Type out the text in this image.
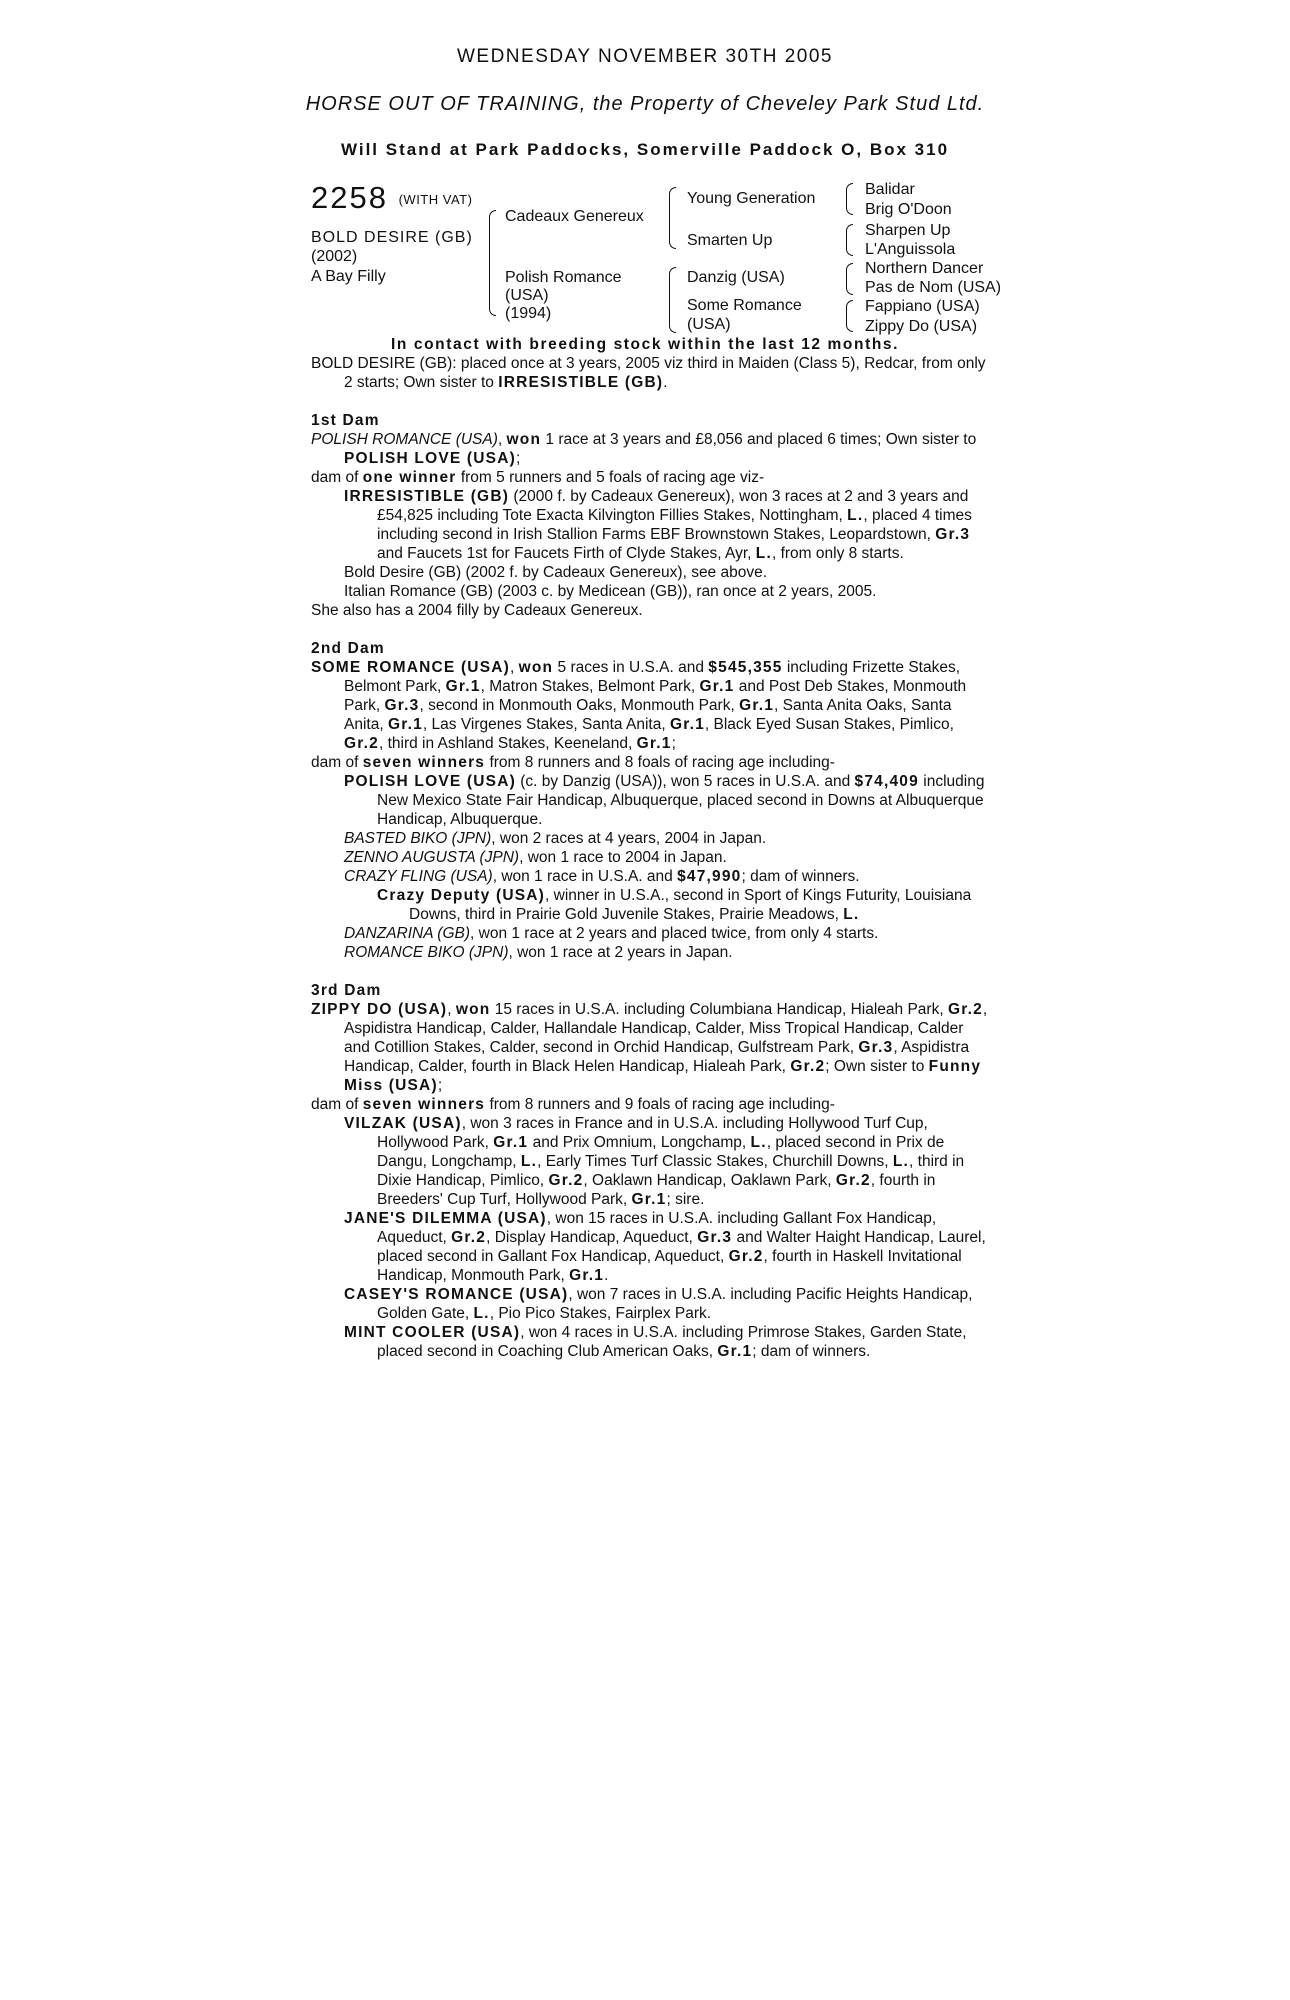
WEDNESDAY NOVEMBER 30TH 2005
HORSE OUT OF TRAINING, the Property of Cheveley Park Stud Ltd.
Will Stand at Park Paddocks, Somerville Paddock O, Box 310
2258 (WITH VAT)
BOLD DESIRE (GB)
(2002)
A Bay Filly
Cadeaux Genereux
Polish Romance
(USA)
(1994)
Young Generation
Smarten Up
Danzig (USA)
Some Romance
(USA)
Balidar
Brig O'Doon
Sharpen Up
L'Anguissola
Northern Dancer
Pas de Nom (USA)
Fappiano (USA)
Zippy Do (USA)
In contact with breeding stock within the last 12 months.

BOLD DESIRE (GB): placed once at 3 years, 2005 viz third in Maiden (Class 5), Redcar, from only 2 starts; Own sister to IRRESISTIBLE (GB).

1st Dam

POLISH ROMANCE (USA), won 1 race at 3 years and £8,056 and placed 6 times; Own sister to POLISH LOVE (USA);

dam of one winner from 5 runners and 5 foals of racing age viz-

IRRESISTIBLE (GB) (2000 f. by Cadeaux Genereux), won 3 races at 2 and 3 years and £54,825 including Tote Exacta Kilvington Fillies Stakes, Nottingham, L., placed 4 times including second in Irish Stallion Farms EBF Brownstown Stakes, Leopardstown, Gr.3 and Faucets 1st for Faucets Firth of Clyde Stakes, Ayr, L., from only 8 starts.

Bold Desire (GB) (2002 f. by Cadeaux Genereux), see above.

Italian Romance (GB) (2003 c. by Medicean (GB)), ran once at 2 years, 2005.

She also has a 2004 filly by Cadeaux Genereux.

2nd Dam

SOME ROMANCE (USA), won 5 races in U.S.A. and $545,355 including Frizette Stakes, Belmont Park, Gr.1, Matron Stakes, Belmont Park, Gr.1 and Post Deb Stakes, Monmouth Park, Gr.3, second in Monmouth Oaks, Monmouth Park, Gr.1, Santa Anita Oaks, Santa Anita, Gr.1, Las Virgenes Stakes, Santa Anita, Gr.1, Black Eyed Susan Stakes, Pimlico, Gr.2, third in Ashland Stakes, Keeneland, Gr.1;

dam of seven winners from 8 runners and 8 foals of racing age including-

POLISH LOVE (USA) (c. by Danzig (USA)), won 5 races in U.S.A. and $74,409 including New Mexico State Fair Handicap, Albuquerque, placed second in Downs at Albuquerque Handicap, Albuquerque.

BASTED BIKO (JPN), won 2 races at 4 years, 2004 in Japan.

ZENNO AUGUSTA (JPN), won 1 race to 2004 in Japan.

CRAZY FLING (USA), won 1 race in U.S.A. and $47,990; dam of winners.

Crazy Deputy (USA), winner in U.S.A., second in Sport of Kings Futurity, Louisiana Downs, third in Prairie Gold Juvenile Stakes, Prairie Meadows, L.

DANZARINA (GB), won 1 race at 2 years and placed twice, from only 4 starts.

ROMANCE BIKO (JPN), won 1 race at 2 years in Japan.

3rd Dam

ZIPPY DO (USA), won 15 races in U.S.A. including Columbiana Handicap, Hialeah Park, Gr.2, Aspidistra Handicap, Calder, Hallandale Handicap, Calder, Miss Tropical Handicap, Calder and Cotillion Stakes, Calder, second in Orchid Handicap, Gulfstream Park, Gr.3, Aspidistra Handicap, Calder, fourth in Black Helen Handicap, Hialeah Park, Gr.2; Own sister to Funny Miss (USA);

dam of seven winners from 8 runners and 9 foals of racing age including-

VILZAK (USA), won 3 races in France and in U.S.A. including Hollywood Turf Cup, Hollywood Park, Gr.1 and Prix Omnium, Longchamp, L., placed second in Prix de Dangu, Longchamp, L., Early Times Turf Classic Stakes, Churchill Downs, L., third in Dixie Handicap, Pimlico, Gr.2, Oaklawn Handicap, Oaklawn Park, Gr.2, fourth in Breeders' Cup Turf, Hollywood Park, Gr.1; sire.

JANE'S DILEMMA (USA), won 15 races in U.S.A. including Gallant Fox Handicap, Aqueduct, Gr.2, Display Handicap, Aqueduct, Gr.3 and Walter Haight Handicap, Laurel, placed second in Gallant Fox Handicap, Aqueduct, Gr.2, fourth in Haskell Invitational Handicap, Monmouth Park, Gr.1.

CASEY'S ROMANCE (USA), won 7 races in U.S.A. including Pacific Heights Handicap, Golden Gate, L., Pio Pico Stakes, Fairplex Park.

MINT COOLER (USA), won 4 races in U.S.A. including Primrose Stakes, Garden State, placed second in Coaching Club American Oaks, Gr.1; dam of winners.
